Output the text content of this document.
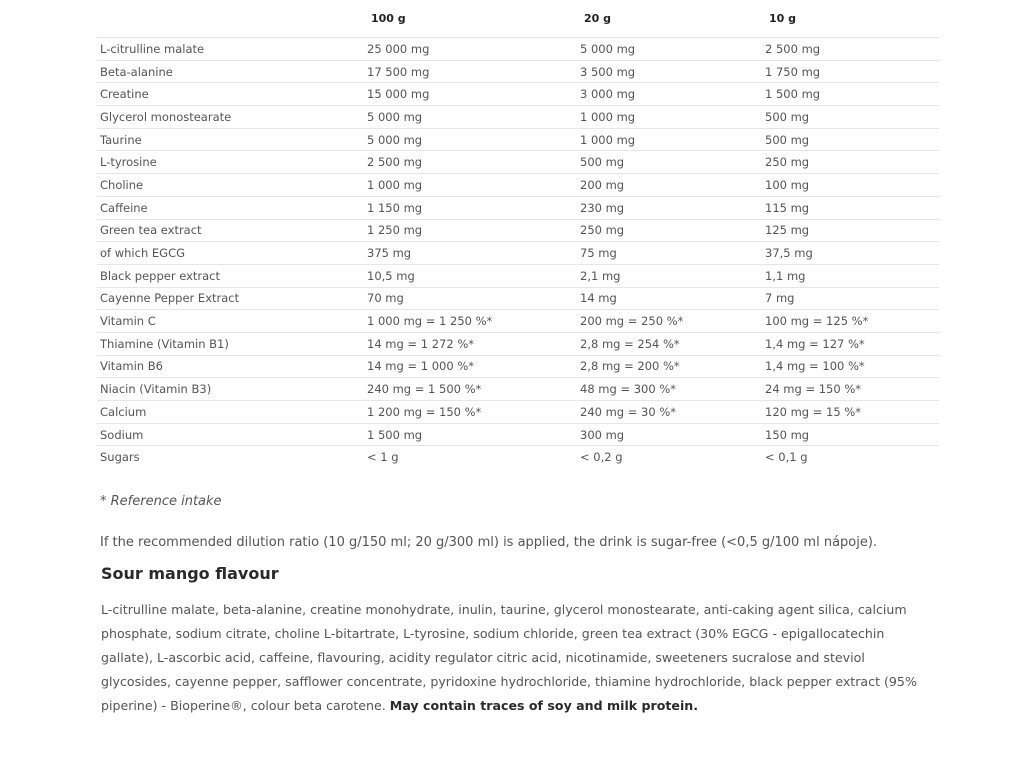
	100 g	20 g	10 g
L-citrulline malate	25 000 mg	5 000 mg	2 500 mg
Beta-alanine	17 500 mg	3 500 mg	1 750 mg
Creatine	15 000 mg	3 000 mg	1 500 mg
Glycerol monostearate	5 000 mg	1 000 mg	500 mg
Taurine	5 000 mg	1 000 mg	500 mg
L-tyrosine	2 500 mg	500 mg	250 mg
Choline	1 000 mg	200 mg	100 mg
Caffeine	1 150 mg	230 mg	115 mg
Green tea extract	1 250 mg	250 mg	125 mg
of which EGCG	375 mg	75 mg	37,5 mg
Black pepper extract	10,5 mg	2,1 mg	1,1 mg
Cayenne Pepper Extract	70 mg	14 mg	7 mg
Vitamin C	1 000 mg = 1 250 %*	200 mg = 250 %*	100 mg = 125 %*
Thiamine (Vitamin B1)	14 mg = 1 272 %*	2,8 mg = 254 %*	1,4 mg = 127 %*
Vitamin B6	14 mg = 1 000 %*	2,8 mg = 200 %*	1,4 mg = 100 %*
Niacin (Vitamin B3)	240 mg = 1 500 %*	48 mg = 300 %*	24 mg = 150 %*
Calcium	1 200 mg = 150 %*	240 mg = 30 %*	120 mg = 15 %*
Sodium	1 500 mg	300 mg	150 mg
Sugars	< 1 g	< 0,2 g	< 0,1 g
* Reference intake
If the recommended dilution ratio (10 g/150 ml; 20 g/300 ml) is applied, the drink is sugar-free (<0,5 g/100 ml nápoje).
Sour mango flavour

L-citrulline malate, beta-alanine, creatine monohydrate, inulin, taurine, glycerol monostearate, anti-caking agent silica, calcium phosphate, sodium citrate, choline L-bitartrate, L-tyrosine, sodium chloride, green tea extract (30% EGCG - epigallocatechin gallate), L-ascorbic acid, caffeine, flavouring, acidity regulator citric acid, nicotinamide, sweeteners sucralose and steviol glycosides, cayenne pepper, safflower concentrate, pyridoxine hydrochloride, thiamine hydrochloride, black pepper extract (95% piperine) - Bioperine®, colour beta carotene. May contain traces of soy and milk protein.
